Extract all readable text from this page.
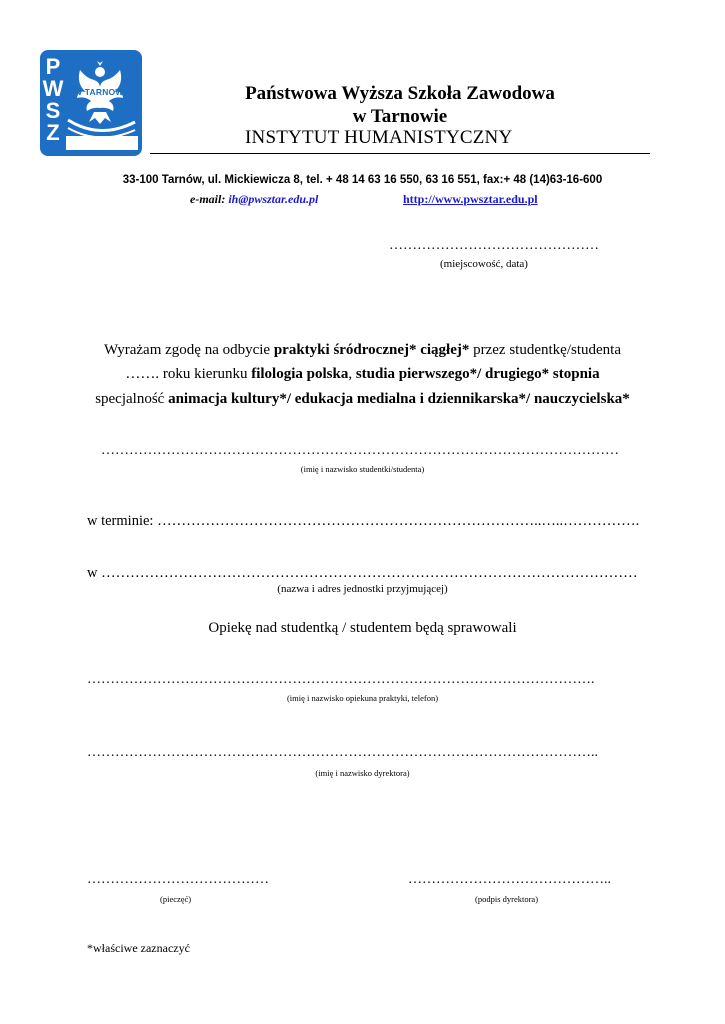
P
W
S
Z
W TARNOWIE	Państwowa Wyższa Szkoła Zawodowa
w Tarnowie
INSTYTUT HUMANISTYCZNY
33-100 Tarnów, ul. Mickiewicza 8, tel. + 48 14 63 16 550, 63 16 551, fax:+ 48 (14)63-16-600
e-mail: ih@pwsztar.edu.pl	http://www.pwsztar.edu.pl
………………………………………
(miejscowość, data)
Wyrażam zgodę na odbycie praktyki śródrocznej* ciągłej* przez studentkę/studenta
……. roku kierunku filologia polska, studia pierwszego*/ drugiego* stopnia
specjalność animacja kultury*/ edukacja medialna i dziennikarska*/ nauczycielska*
…………………………………………………………………………………………………
(imię i nazwisko studentki/studenta)
w terminie: ……………………………………………………………………..…..…………….
w …………………………………………………………………………………………………
(nazwa i adres jednostki przyjmującej)
Opiekę nad studentką / studentem będą sprawowali
……………………………………………………………………………………………….
(imię i nazwisko opiekuna praktyki, telefon)
………………………………………………………………………………………………..
(imię i nazwisko dyrektora)
…………………………………
(pieczęć)
……………………………………..
(podpis dyrektora)
*właściwe zaznaczyć
